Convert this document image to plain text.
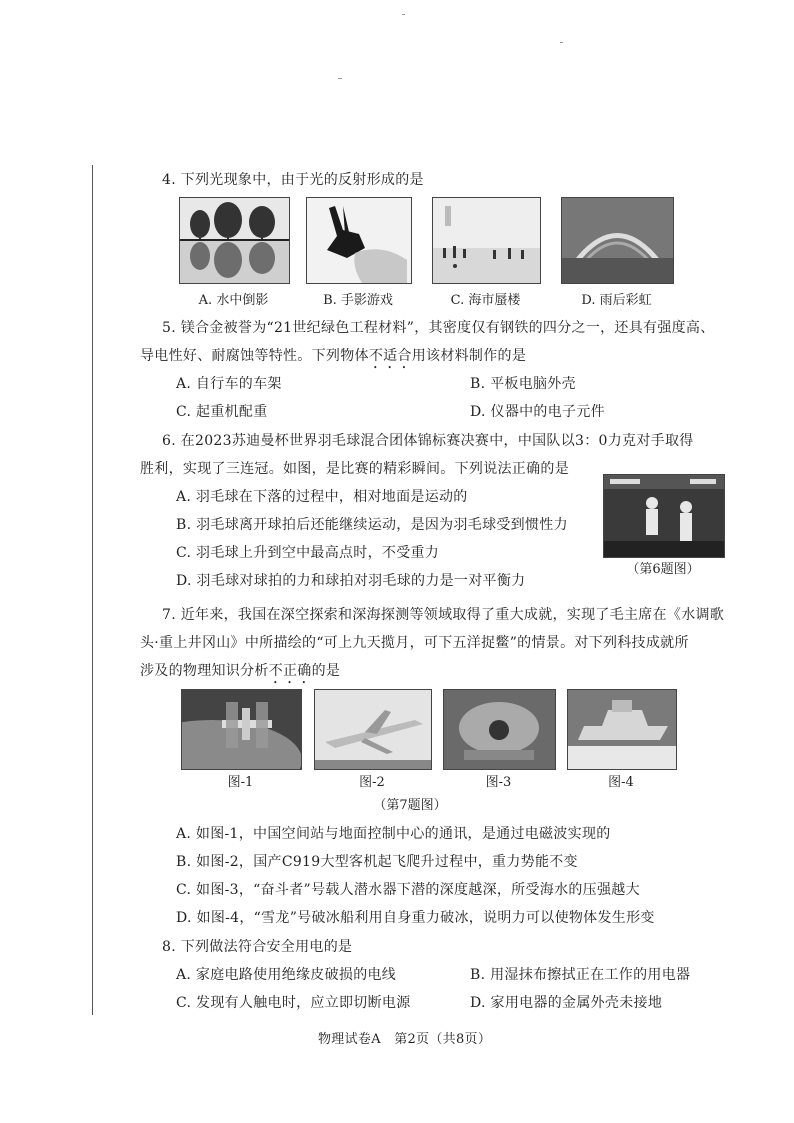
4. 下列光现象中，由于光的反射形成的是
A. 水中倒影	B. 手影游戏	C. 海市蜃楼	D. 雨后彩虹
5. 镁合金被誉为“21世纪绿色工程材料”，其密度仅有钢铁的四分之一，还具有强度高、
导电性好、耐腐蚀等特性。下列物体不适合用该材料制作的是
A. 自行车的车架	B. 平板电脑外壳
C. 起重机配重	D. 仪器中的电子元件
6. 在2023苏迪曼杯世界羽毛球混合团体锦标赛决赛中，中国队以3：0力克对手取得
胜利，实现了三连冠。如图，是比赛的精彩瞬间。下列说法正确的是
A. 羽毛球在下落的过程中，相对地面是运动的
B. 羽毛球离开球拍后还能继续运动，是因为羽毛球受到惯性力
C. 羽毛球上升到空中最高点时，不受重力
D. 羽毛球对球拍的力和球拍对羽毛球的力是一对平衡力
（第6题图）
7. 近年来，我国在深空探索和深海探测等领域取得了重大成就，实现了毛主席在《水调歌
头·重上井冈山》中所描绘的“可上九天揽月，可下五洋捉鳖”的情景。对下列科技成就所
涉及的物理知识分析不正确的是
图-1	图-2	图-3	图-4
（第7题图）
A. 如图-1，中国空间站与地面控制中心的通讯，是通过电磁波实现的
B. 如图-2，国产C919大型客机起飞爬升过程中，重力势能不变
C. 如图-3，“奋斗者”号载人潜水器下潜的深度越深，所受海水的压强越大
D. 如图-4，“雪龙”号破冰船利用自身重力破冰，说明力可以使物体发生形变
8. 下列做法符合安全用电的是
A. 家庭电路使用绝缘皮破损的电线	B. 用湿抹布擦拭正在工作的用电器
C. 发现有人触电时，应立即切断电源	D. 家用电器的金属外壳未接地
物理试卷A　第2页（共8页）
